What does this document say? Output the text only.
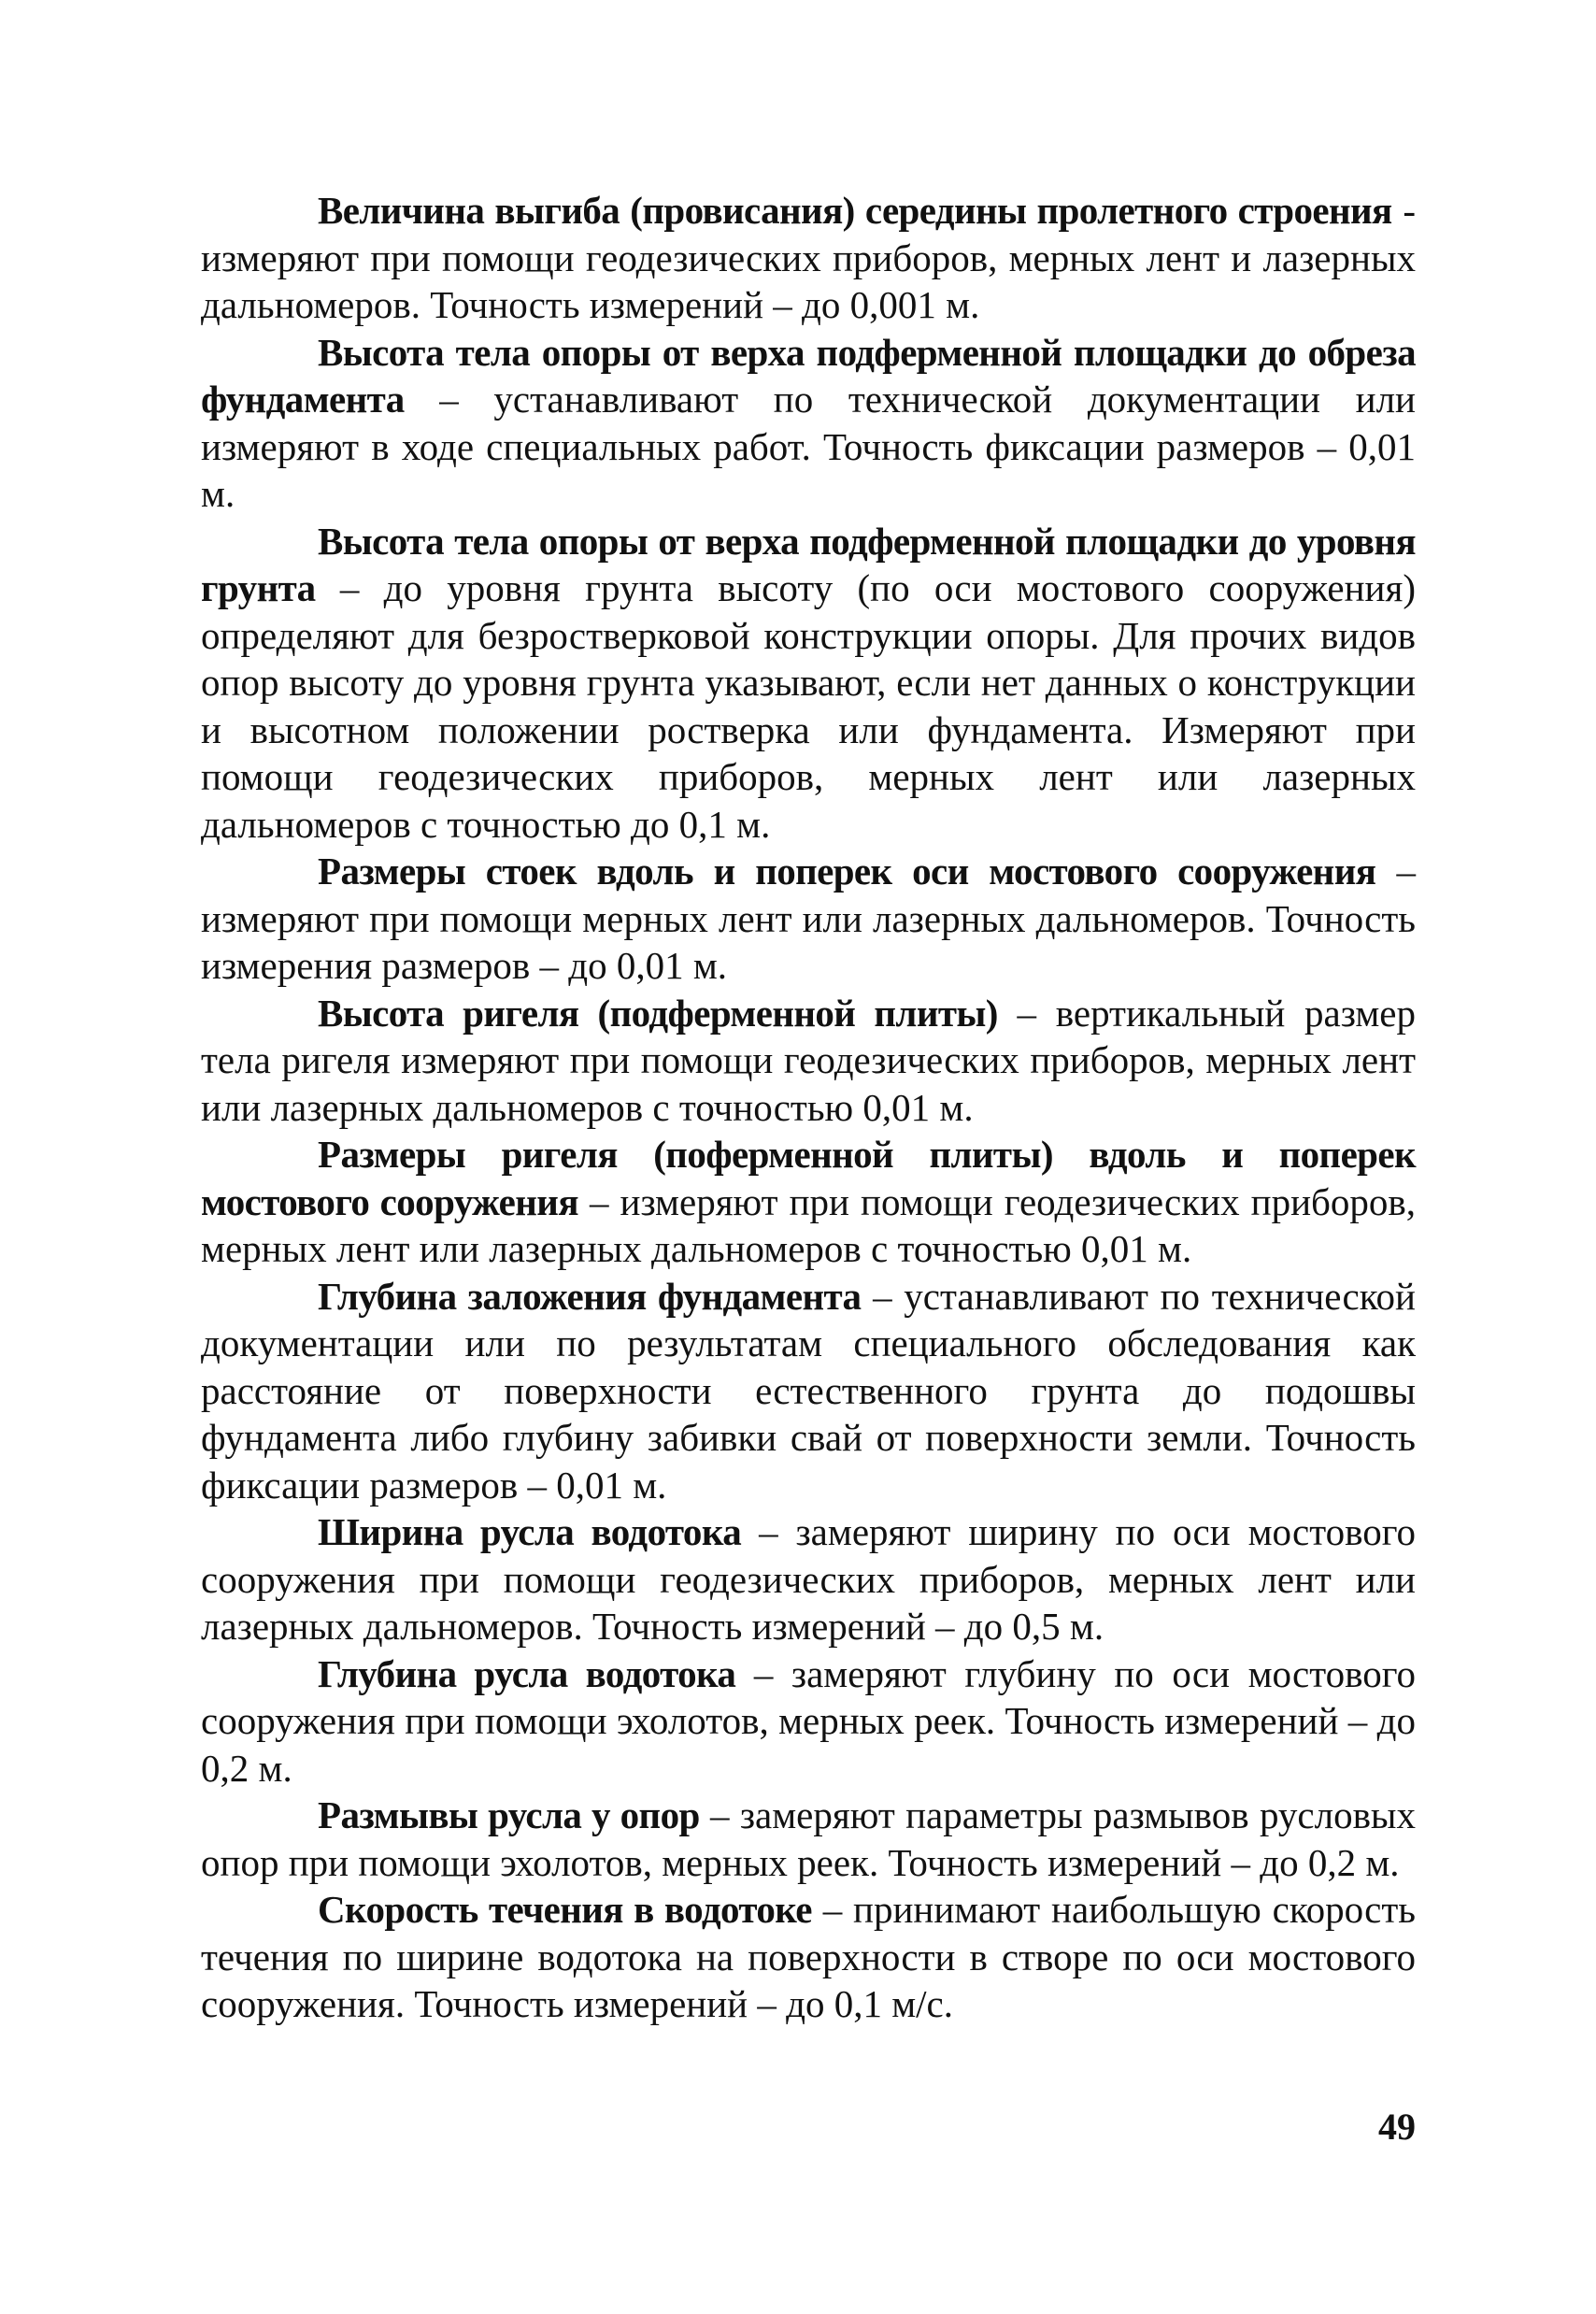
Величина выгиба (провисания) середины пролетного строения - измеряют при помощи геодезических приборов, мерных лент и лазерных дальномеров. Точность измерений – до 0,001 м.

Высота тела опоры от верха подферменной площадки до обреза фундамента – устанавливают по технической документации или измеряют в ходе специальных работ. Точность фиксации размеров – 0,01 м.

Высота тела опоры от верха подферменной площадки до уровня грунта – до уровня грунта высоту (по оси мостового сооружения) определяют для безростверковой конструкции опоры. Для прочих видов опор высоту до уровня грунта указывают, если нет данных о конструкции и высотном положении ростверка или фундамента. Измеряют при помощи геодезических приборов, мерных лент или лазерных дальномеров с точностью до 0,1 м.

Размеры стоек вдоль и поперек оси мостового сооружения – измеряют при помощи мерных лент или лазерных дальномеров. Точность измерения размеров – до 0,01 м.

Высота ригеля (подферменной плиты) – вертикальный размер тела ригеля измеряют при помощи геодезических приборов, мерных лент или лазерных дальномеров с точностью 0,01 м.

Размеры ригеля (поферменной плиты) вдоль и поперек мостового сооружения – измеряют при помощи геодезических приборов, мерных лент или лазерных дальномеров с точностью 0,01 м.

Глубина заложения фундамента – устанавливают по технической документации или по результатам специального обследования как расстояние от поверхности естественного грунта до подошвы фундамента либо глубину забивки свай от поверхности земли. Точность фиксации размеров – 0,01 м.

Ширина русла водотока – замеряют ширину по оси мостового сооружения при помощи геодезических приборов, мерных лент или лазерных дальномеров. Точность измерений – до 0,5 м.

Глубина русла водотока – замеряют глубину по оси мостового сооружения при помощи эхолотов, мерных реек. Точность измерений – до 0,2 м.

Размывы русла у опор – замеряют параметры размывов русловых опор при помощи эхолотов, мерных реек. Точность измерений – до 0,2 м.

Скорость течения в водотоке – принимают наибольшую скорость течения по ширине водотока на поверхности в створе по оси мостового сооружения. Точность измерений – до 0,1 м/с.

49
